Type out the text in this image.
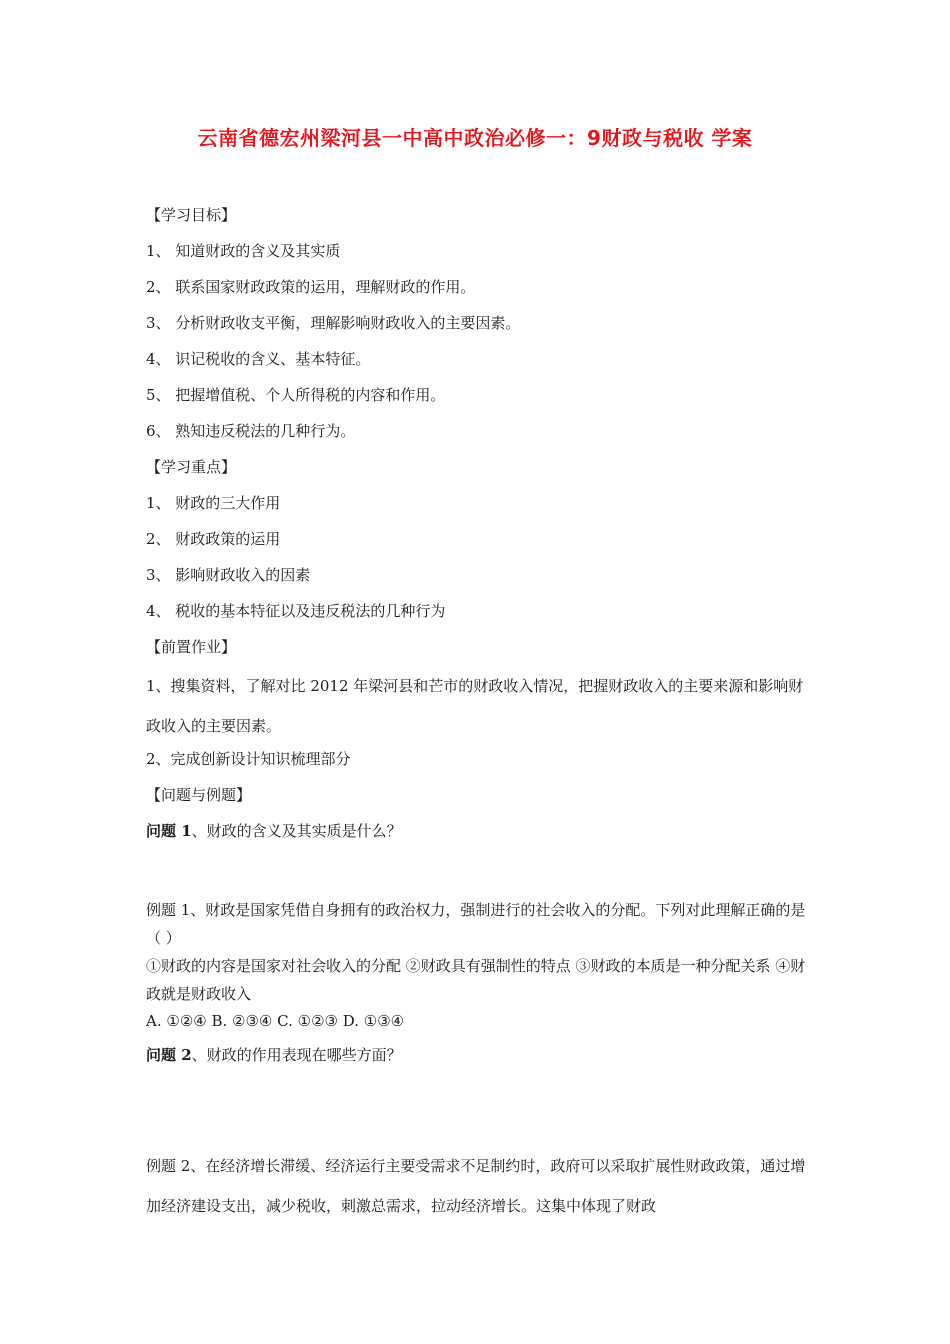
云南省德宏州梁河县一中高中政治必修一：9财政与税收 学案
【学习目标】
1、 知道财政的含义及其实质
2、 联系国家财政政策的运用，理解财政的作用。
3、 分析财政收支平衡，理解影响财政收入的主要因素。
4、 识记税收的含义、基本特征。
5、 把握增值税、个人所得税的内容和作用。
6、 熟知违反税法的几种行为。
【学习重点】
1、 财政的三大作用
2、 财政政策的运用
3、 影响财政收入的因素
4、 税收的基本特征以及违反税法的几种行为
【前置作业】
1、搜集资料，了解对比 2012 年梁河县和芒市的财政收入情况，把握财政收入的主要来源和影响财政收入的主要因素。
2、完成创新设计知识梳理部分
【问题与例题】
问题 1、财政的含义及其实质是什么？
例题 1、财政是国家凭借自身拥有的政治权力，强制进行的社会收入的分配。下列对此理解正确的是（ ）
①财政的内容是国家对社会收入的分配 ②财政具有强制性的特点 ③财政的本质是一种分配关系 ④财政就是财政收入
A. ①②④ B. ②③④ C. ①②③ D. ①③④
问题 2、财政的作用表现在哪些方面？
例题 2、在经济增长滞缓、经济运行主要受需求不足制约时，政府可以采取扩展性财政政策，通过增加经济建设支出，减少税收，刺激总需求，拉动经济增长。这集中体现了财政
